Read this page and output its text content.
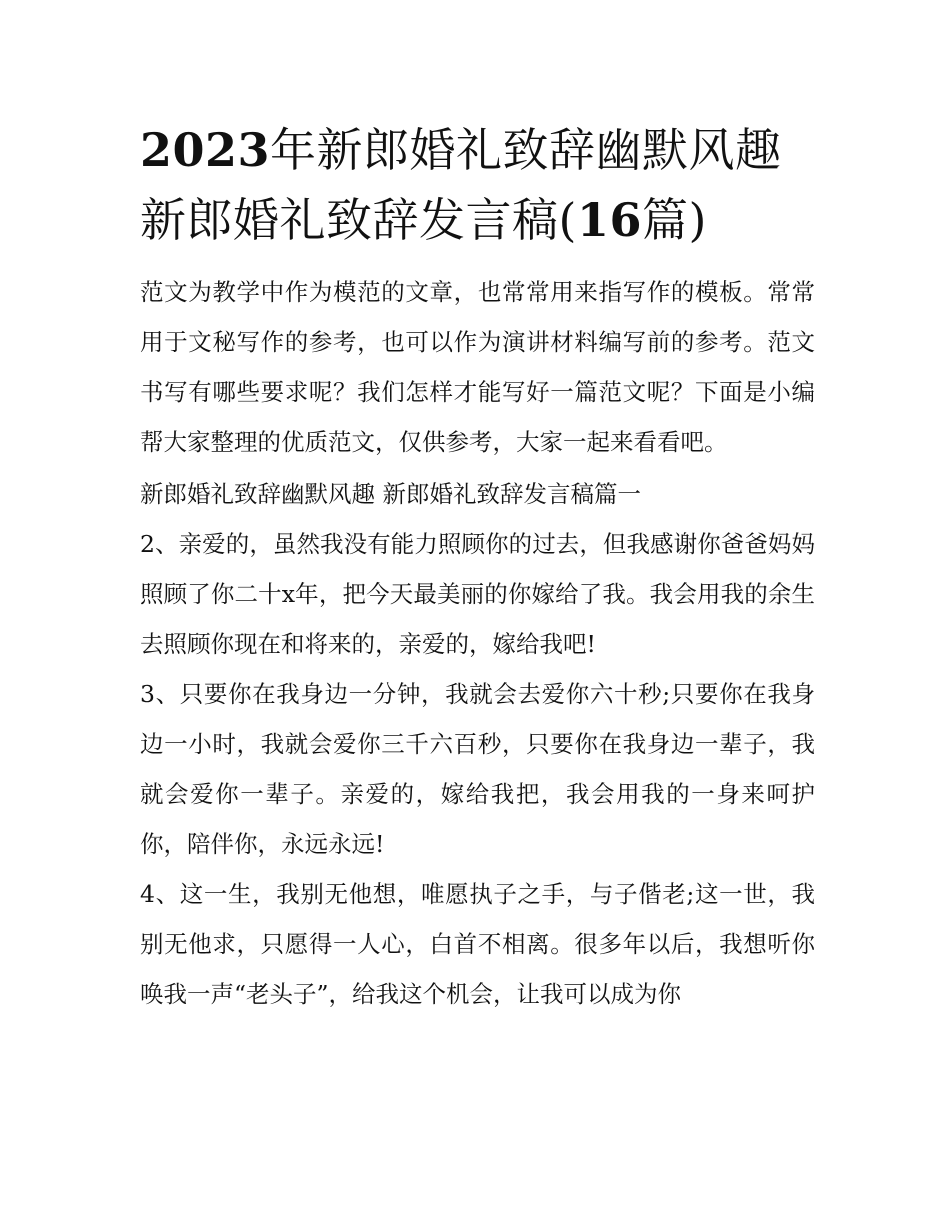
2023年新郎婚礼致辞幽默风趣
新郎婚礼致辞发言稿(16篇)

范文为教学中作为模范的文章，也常常用来指写作的模板。常常用于文秘写作的参考，也可以作为演讲材料编写前的参考。范文书写有哪些要求呢？我们怎样才能写好一篇范文呢？下面是小编帮大家整理的优质范文，仅供参考，大家一起来看看吧。

新郎婚礼致辞幽默风趣 新郎婚礼致辞发言稿篇一

2、亲爱的，虽然我没有能力照顾你的过去，但我感谢你爸爸妈妈照顾了你二十x年，把今天最美丽的你嫁给了我。我会用我的余生去照顾你现在和将来的，亲爱的，嫁给我吧!

3、只要你在我身边一分钟，我就会去爱你六十秒;只要你在我身边一小时，我就会爱你三千六百秒，只要你在我身边一辈子，我就会爱你一辈子。亲爱的，嫁给我把，我会用我的一身来呵护你，陪伴你，永远永远!

4、这一生，我别无他想，唯愿执子之手，与子偕老;这一世，我别无他求，只愿得一人心，白首不相离。很多年以后，我想听你唤我一声“老头子”，给我这个机会，让我可以成为你
